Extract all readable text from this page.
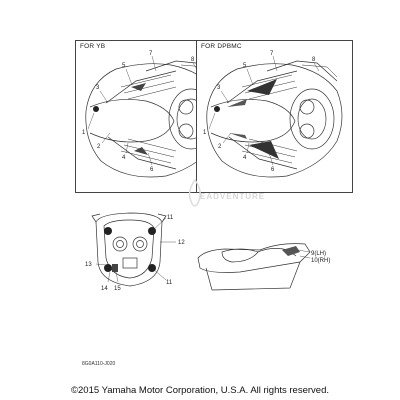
FOR YB
1
2
3
4
5
6
7
8
FOR DPBMC
1
2
3
4
5
6
7
8
EADVENTURE
11
12
13
14 15
11
9(LH)
10(RH)
8G0A110-J020
©2015 Yamaha Motor Corporation, U.S.A. All rights reserved.
